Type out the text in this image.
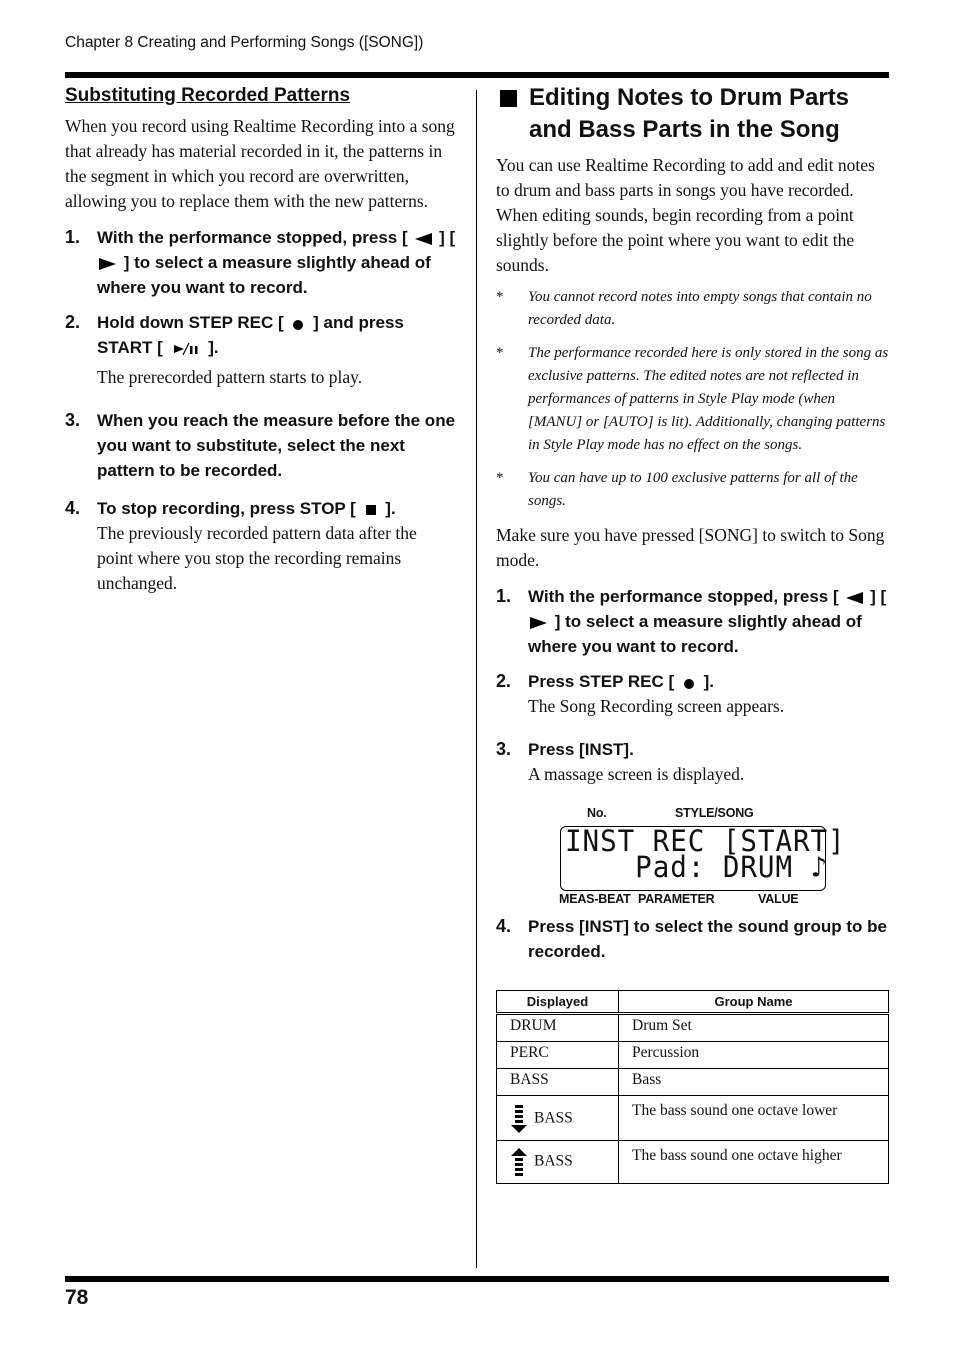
Chapter 8 Creating and Performing Songs ([SONG])
Substituting Recorded Patterns

When you record using Realtime Recording into a song that already has material recorded in it, the patterns in the segment in which you record are overwritten, allowing you to replace them with the new patterns.

1. With the performance stopped, press [ ] [  ] to select a measure slightly ahead of where you want to record.
2. Hold down STEP REC [ ] and press START [	].

The prerecorded pattern starts to play.

3. When you reach the measure before the one you want to substitute, select the next pattern to be recorded.
4. To stop recording, press STOP [ ].

The previously recorded pattern data after the point where you stop the recording remains unchanged.

Editing Notes to Drum Parts and Bass Parts in the Song

You can use Realtime Recording to add and edit notes to drum and bass parts in songs you have recorded.

When editing sounds, begin recording from a point slightly before the point where you want to edit the sounds.

* You cannot record notes into empty songs that contain no recorded data.
* The performance recorded here is only stored in the song as exclusive patterns. The edited notes are not reflected in performances of patterns in Style Play mode (when [MANU] or [AUTO] is lit). Additionally, changing patterns in Style Play mode has no effect on the songs.
* You can have up to 100 exclusive patterns for all of the songs.

Make sure you have pressed [SONG] to switch to Song mode.

1. With the performance stopped, press [ ] [  ] to select a measure slightly ahead of where you want to record.
2. Press STEP REC [ ].

The Song Recording screen appears.

3. Press [INST].

A massage screen is displayed.

No.	STYLE/SONG
INST REC [START]
Pad: DRUM ♪
MEAS-BEAT PARAMETER	VALUE
4. Press [INST] to select the sound group to be recorded.
Displayed	Group Name
DRUM	Drum Set
PERC	Percussion
BASS	Bass
BASS	The bass sound one octave lower
BASS	The bass sound one octave higher
78
